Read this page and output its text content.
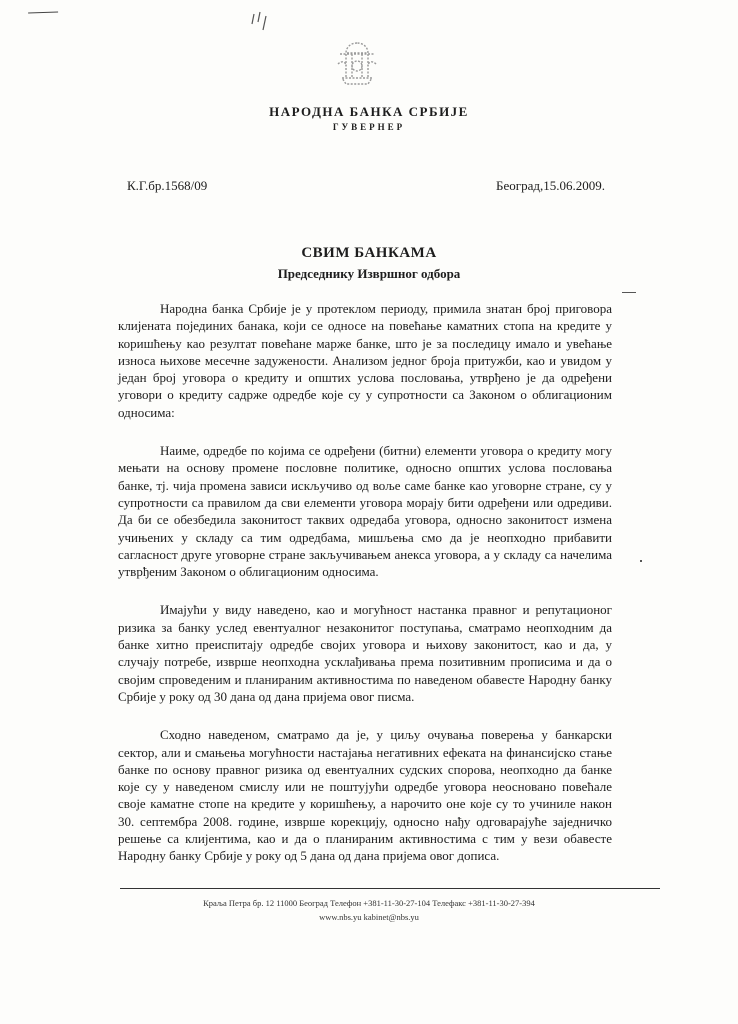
НАРОДНА БАНКА СРБИЈЕ
ГУВЕРНЕР
К.Г.бр.1568/09	Београд,15.06.2009.
СВИМ БАНКАМА
Председнику Извршног одбора

Народна банка Србије је у протеклом периоду, примила знатан број приговора клијената појединих банака, који се односе на повећање каматних стопа на кредите у коришћењу као резултат повећане марже банке, што је за последицу имало и увећање износа њихове месечне задужености. Анализом једног броја притужби, као и увидом у један број уговора о кредиту и општих услова пословања, утврђено је да одређени уговори о кредиту садрже одредбе које су у супротности са Законом о облигационим односима:

Наиме, одредбе по којима се одређени (битни) елементи уговора о кредиту могу мењати на основу промене пословне политике, односно општих услова пословања банке, тј. чија промена зависи искључиво од воље саме банке као уговорне стране, су у супротности са правилом да сви елементи уговора морају бити одређени или одредиви. Да би се обезбедила законитост таквих одредаба уговора, односно законитост измена учињених у складу са тим одредбама, мишљења смо да је неопходно прибавити сагласност друге уговорне стране закључивањем анекса уговора, а у складу са начелима утврђеним Законом о облигационим односима.

Имајући у виду наведено, као и могућност настанка правног и репутационог ризика за банку услед евентуалног незаконитог поступања, сматрамо неопходним да банке хитно преиспитају одредбе својих уговора и њихову законитост, као и да, у случају потребе, изврше неопходна усклађивања према позитивним прописима и да о својим спроведеним и планираним активностима по наведеном обавесте Народну банку Србије у року од 30 дана од дана пријема овог писма.

Сходно наведеном, сматрамо да је, у циљу очувања поверења у банкарски сектор, али и смањења могућности настајања негативних ефеката на финансијско стање банке по основу правног ризика од евентуалних судских спорова, неопходно да банке које су у наведеном смислу или не поштујући одредбе уговора неосновано повећале своје каматне стопе на кредите у коришћењу, а нарочито оне које су то учиниле након 30. септембра 2008. године, изврше корекцију, односно нађу одговарајуће заједничко решење са клијентима, као и да о планираним активностима с тим у вези обавесте Народну банку Србије у року од 5 дана од дана пријема овог дописа.

Краља Петра бр. 12 11000 Београд Телефон +381-11-30-27-104 Телефакс +381-11-30-27-394
www.nbs.yu kabinet@nbs.yu
